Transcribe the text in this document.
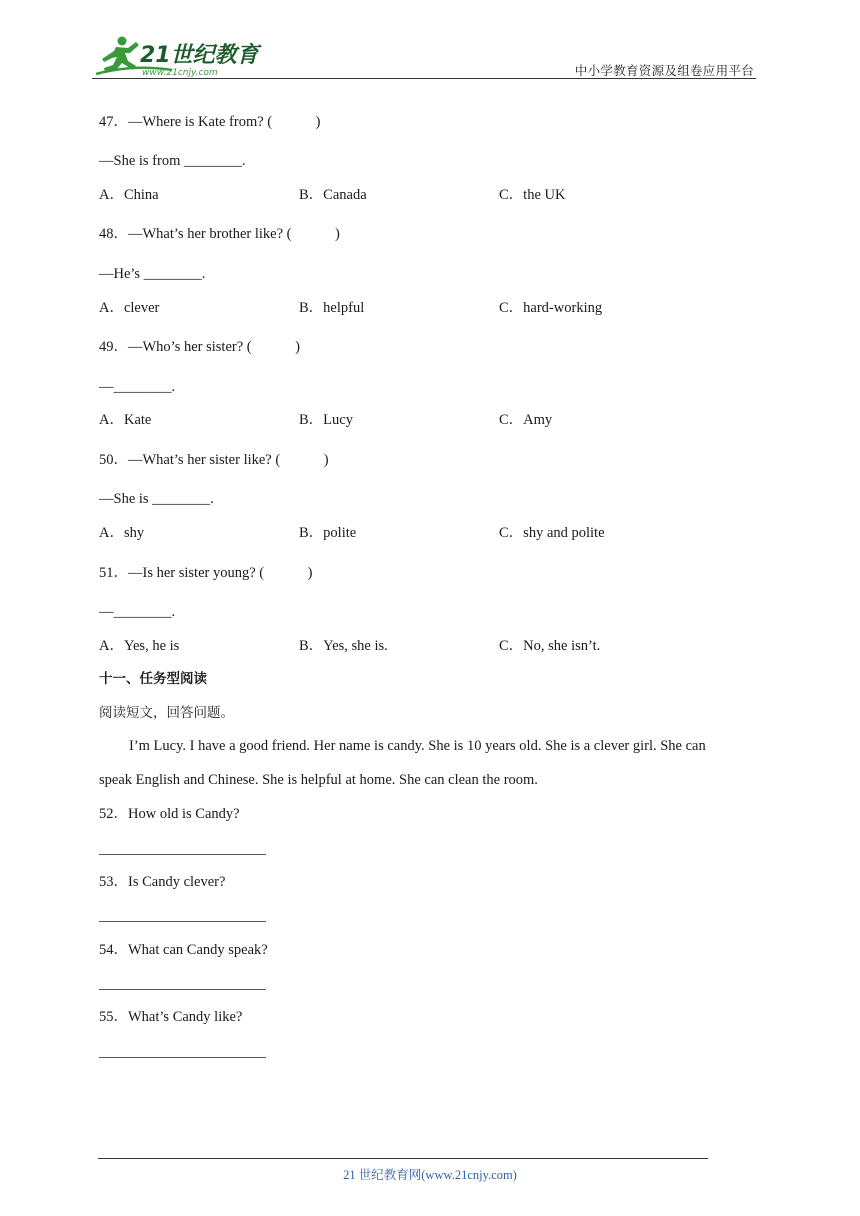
21世纪教育
www.21cnjy.com	中小学教育资源及组卷应用平台
47．—Where is Kate from? (　　　)
—She is from ________.
A．China	B．Canada	C．the UK
48．—What’s her brother like? (　　　)
—He’s ________.
A．clever	B．helpful	C．hard-working
49．—Who’s her sister? (　　　)
—________.
A．Kate	B．Lucy	C．Amy
50．—What’s her sister like? (　　　)
—She is ________.
A．shy	B．polite	C．shy and polite
51．—Is her sister young? (　　　)
—________.
A．Yes, he is	B．Yes, she is.	C．No, she isn’t.
十一、任务型阅读
阅读短文，回答问题。
I’m Lucy. I have a good friend. Her name is candy. She is 10 years old. She is a clever girl. She can speak English and Chinese. She is helpful at home. She can clean the room.
52．How old is Candy?
53．Is Candy clever?
54．What can Candy speak?
55．What’s Candy like?
21 世纪教育网(www.21cnjy.com)
